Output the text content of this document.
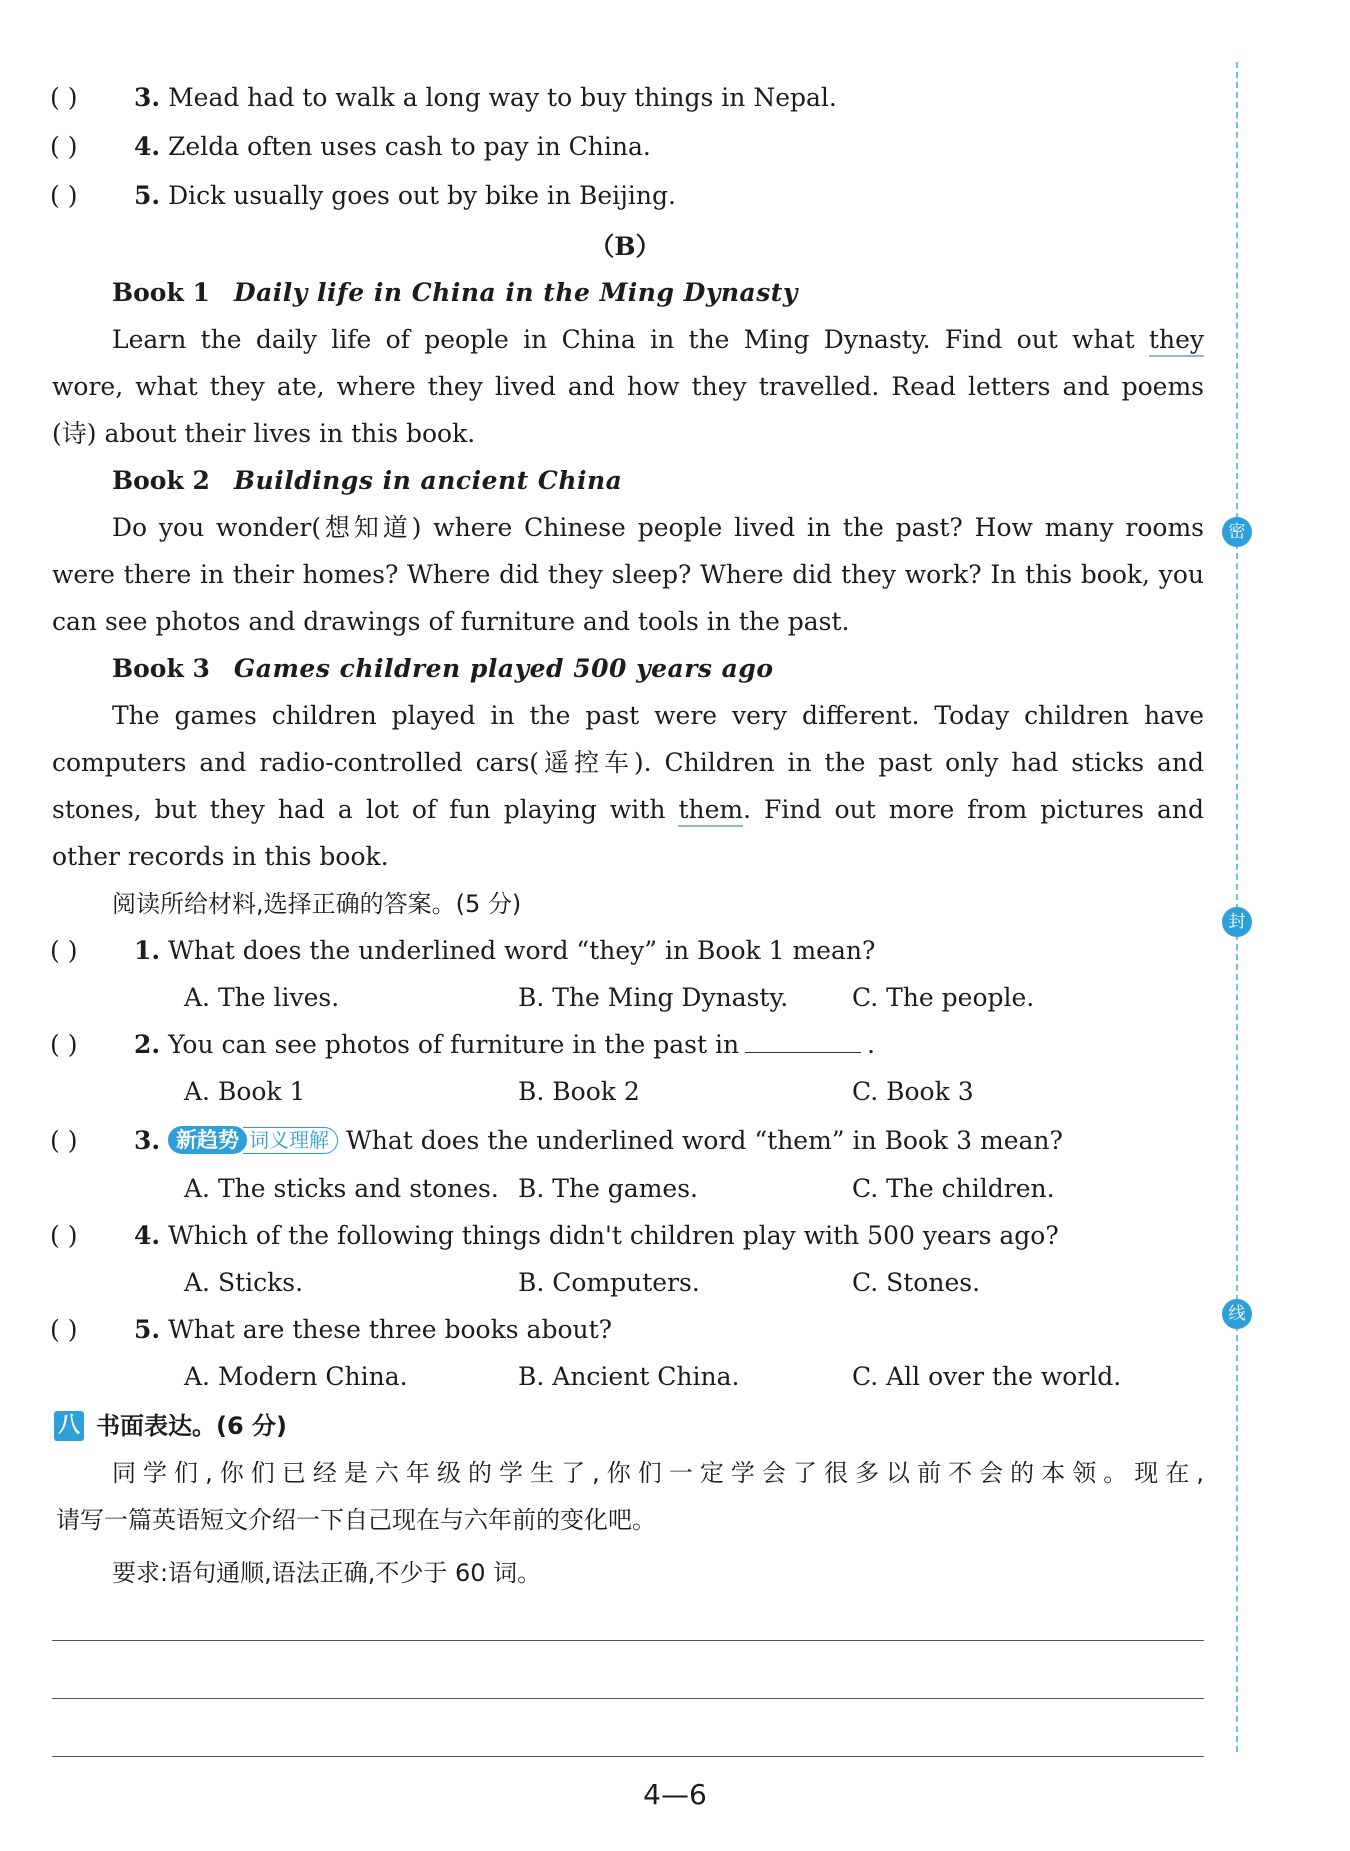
( ) 3. Mead had to walk a long way to buy things in Nepal.
( ) 4. Zelda often uses cash to pay in China.
( ) 5. Dick usually goes out by bike in Beijing.
（B）
Book 1 Daily life in China in the Ming Dynasty
Learn the daily life of people in China in the Ming Dynasty. Find out what they
wore, what they ate, where they lived and how they travelled. Read letters and poems
(诗) about their lives in this book.
Book 2 Buildings in ancient China
Do you wonder(想知道) where Chinese people lived in the past? How many rooms
were there in their homes? Where did they sleep? Where did they work? In this book, you
can see photos and drawings of furniture and tools in the past.
Book 3 Games children played 500 years ago
The games children played in the past were very different. Today children have
computers and radio-controlled cars(遥控车). Children in the past only had sticks and
stones, but they had a lot of fun playing with them. Find out more from pictures and
other records in this book.
阅读所给材料,选择正确的答案。(5 分)
( ) 1. What does the underlined word “they” in Book 1 mean?
A. The lives.	B. The Ming Dynasty.	C. The people.
( ) 2. You can see photos of furniture in the past in	.
A. Book 1	B. Book 2	C. Book 3
( ) 3. 新趋势 词义理解 What does the underlined word “them” in Book 3 mean?
A. The sticks and stones. B. The games.	C. The children.
( ) 4. Which of the following things didn't children play with 500 years ago?
A. Sticks.	B. Computers.	C. Stones.
( ) 5. What are these three books about?
A. Modern China.	B. Ancient China.	C. All over the world.
八 书面表达。(6 分)
同学们,你们已经是六年级的学生了,你们一定学会了很多以前不会的本领。现在,
请写一篇英语短文介绍一下自己现在与六年前的变化吧。
要求:语句通顺,语法正确,不少于 60 词。
密
封
线
4—6
